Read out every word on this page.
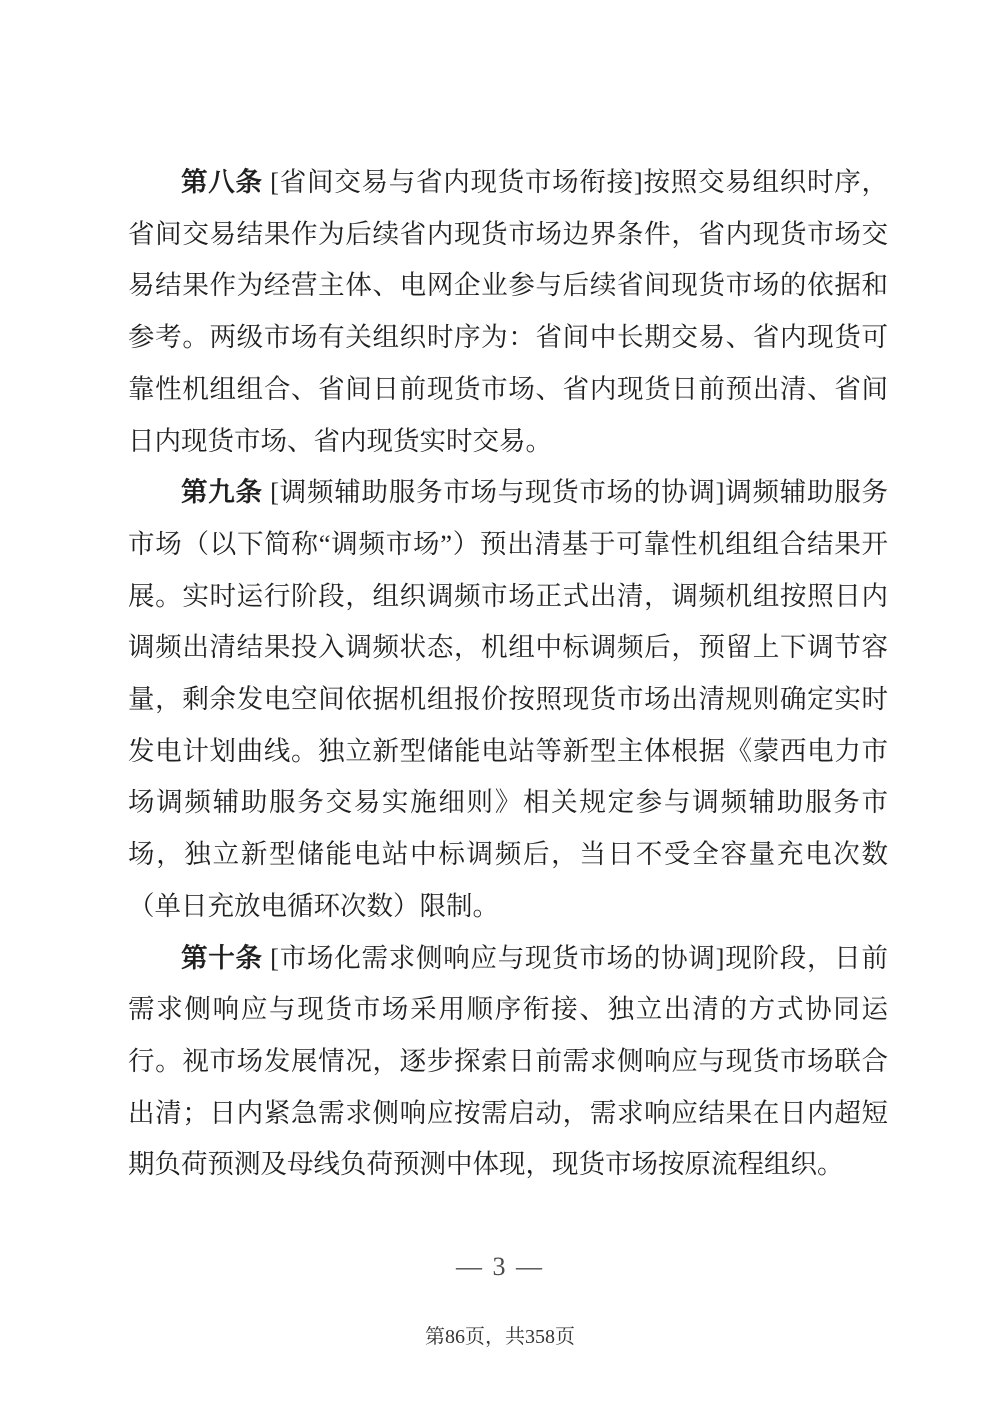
第八条 [省间交易与省内现货市场衔接]按照交易组织时序，省间交易结果作为后续省内现货市场边界条件，省内现货市场交易结果作为经营主体、电网企业参与后续省间现货市场的依据和参考。两级市场有关组织时序为：省间中长期交易、省内现货可靠性机组组合、省间日前现货市场、省内现货日前预出清、省间日内现货市场、省内现货实时交易。

第九条 [调频辅助服务市场与现货市场的协调]调频辅助服务市场（以下简称“调频市场”）预出清基于可靠性机组组合结果开展。实时运行阶段，组织调频市场正式出清，调频机组按照日内调频出清结果投入调频状态，机组中标调频后，预留上下调节容量，剩余发电空间依据机组报价按照现货市场出清规则确定实时发电计划曲线。独立新型储能电站等新型主体根据《蒙西电力市场调频辅助服务交易实施细则》相关规定参与调频辅助服务市场，独立新型储能电站中标调频后，当日不受全容量充电次数（单日充放电循环次数）限制。

第十条 [市场化需求侧响应与现货市场的协调]现阶段，日前需求侧响应与现货市场采用顺序衔接、独立出清的方式协同运行。视市场发展情况，逐步探索日前需求侧响应与现货市场联合出清；日内紧急需求侧响应按需启动，需求响应结果在日内超短期负荷预测及母线负荷预测中体现，现货市场按原流程组织。

— 3 —
第86页，共358页
